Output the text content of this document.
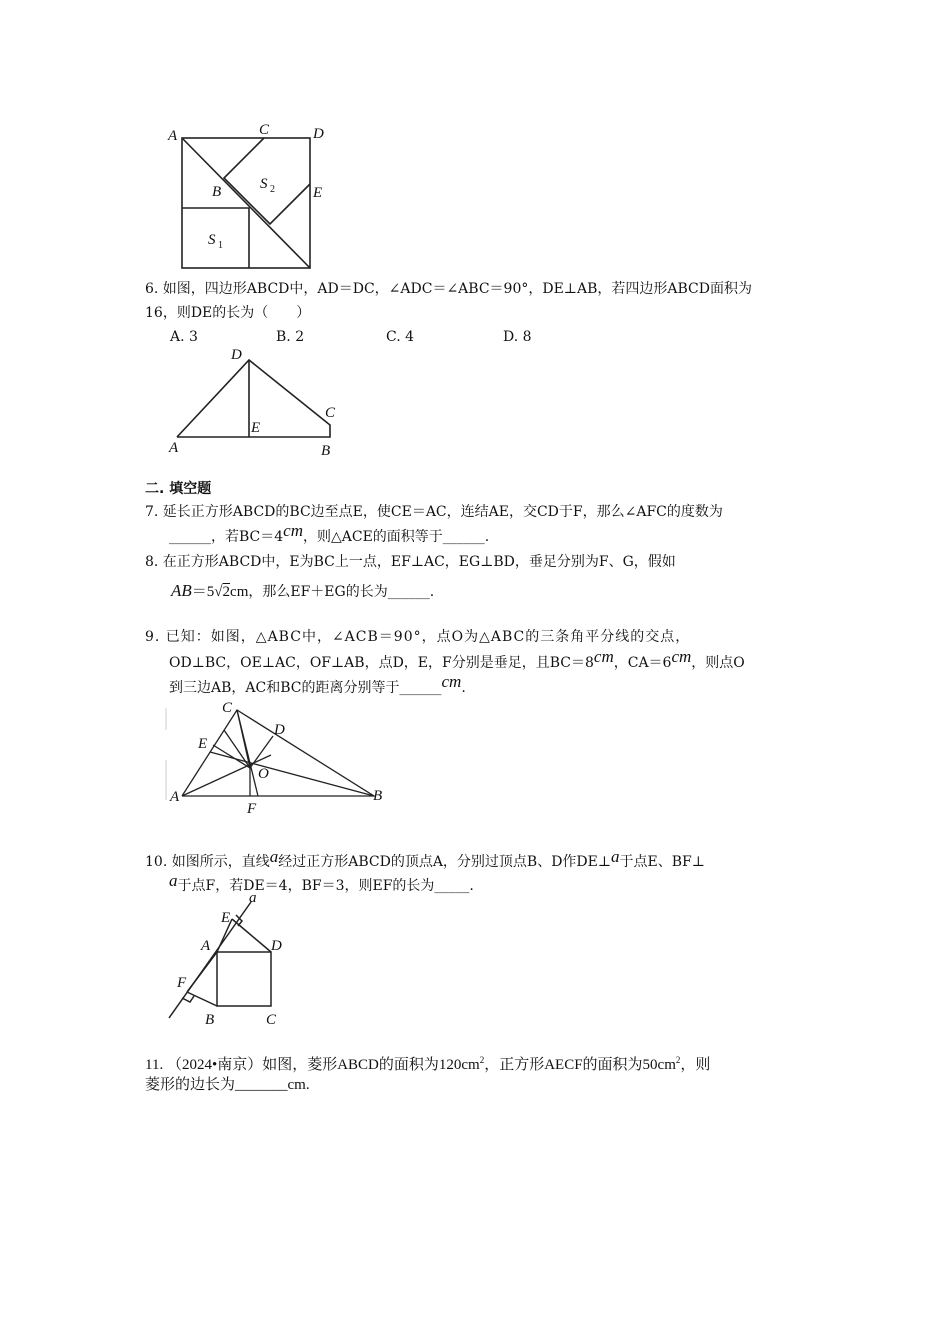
A	C	D
B	E
S 2
S 1
6. 如图，四边形ABCD中，AD＝DC，∠ADC＝∠ABC＝90°，DE⊥AB，若四边形ABCD面积为
16，则DE的长为（　　）
A. 3	B. 2	C. 4	D. 8
D
C
E
A	B
二. 填空题
7. 延长正方形ABCD的BC边至点E，使CE＝AC，连结AE，交CD于F，那么∠AFC的度数为
______，若BC＝4cm，则△ACE的面积等于______.
8. 在正方形ABCD中，E为BC上一点，EF⊥AC，EG⊥BD，垂足分别为F、G，假如
AB＝5√2cm，那么EF＋EG的长为______.
9. 已知：如图，△ABC中，∠ACB＝90°，点O为△ABC的三条角平分线的交点，
OD⊥BC，OE⊥AC，OF⊥AB，点D，E，F分别是垂足，且BC＝8cm，CA＝6cm，则点O
到三边AB，AC和BC的距离分别等于______cm.
C
D
E
O
A
F
B
10. 如图所示，直线a经过正方形ABCD的顶点A，分别过顶点B、D作DE⊥a于点E、BF⊥
a于点F，若DE＝4，BF＝3，则EF的长为_____.
a
E
A	D
F
B	C
11. （2024•南京）如图，菱形ABCD的面积为$120cm^2$，正方形AECF的面积为$50cm^2$，则
菱形的边长为_______cm.
